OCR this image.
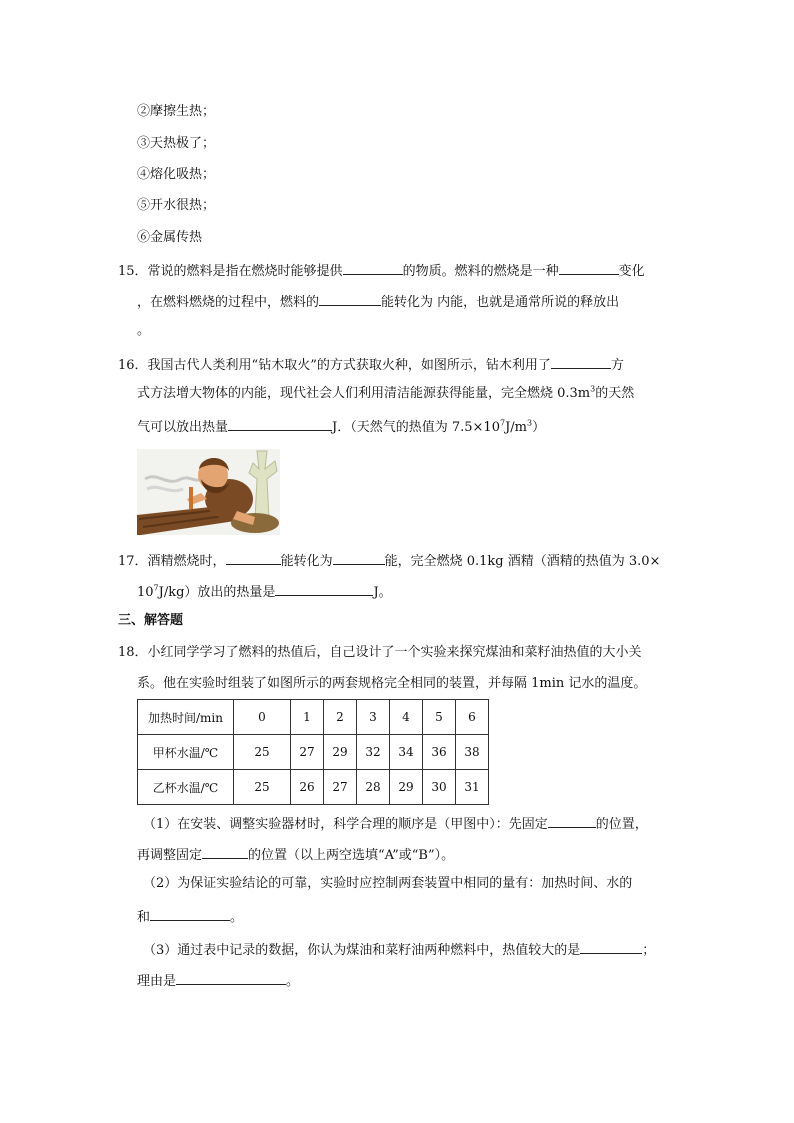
②摩擦生热；
③天热极了；
④熔化吸热；
⑤开水很热；
⑥金属传热
15．常说的燃料是指在燃烧时能够提供	的物质。燃料的燃烧是一种	变化
，在燃料燃烧的过程中，燃料的	能转化为 内能，也就是通常所说的释放出
。
16．我国古代人类利用“钻木取火”的方式获取火种，如图所示，钻木利用了	方
式方法增大物体的内能，现代社会人们利用清洁能源获得能量，完全燃烧 $0.3m^3$的天然
气可以放出热量	J．（天然气的热值为 $7.5\times 10^7J/m^3$）
17．酒精燃烧时，	能转化为	能，完全燃烧 0.1kg 酒精（酒精的热值为 3.0×
$10^7J/kg$）放出的热量是	J。
三、解答题
18．小红同学学习了燃料的热值后，自己设计了一个实验来探究煤油和菜籽油热值的大小关
系。他在实验时组装了如图所示的两套规格完全相同的装置，并每隔 1min 记水的温度。
加热时间/min	0	1	2	3	4	5	6
甲杯水温/℃	25	27	29	32	34	36	38
乙杯水温/℃	25	26	27	28	29	30	31
（1）在安装、调整实验器材时，科学合理的顺序是（甲图中）：先固定	的位置，
再调整固定	的位置（以上两空选填“A”或“B”）。
（2）为保证实验结论的可靠，实验时应控制两套装置中相同的量有：加热时间、水的
和	。
（3）通过表中记录的数据，你认为煤油和菜籽油两种燃料中，热值较大的是	；
理由是	。
